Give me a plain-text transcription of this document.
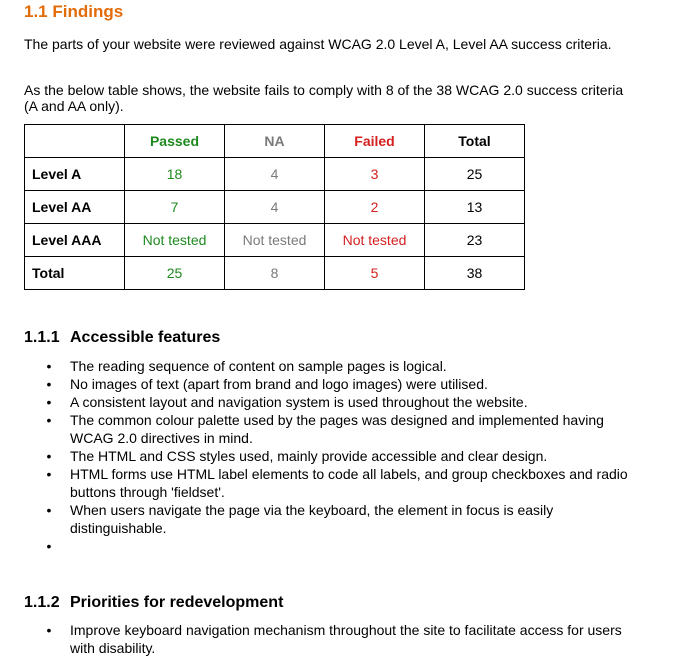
1.1 Findings

The parts of your website were reviewed against WCAG 2.0 Level A, Level AA success criteria.

As the below table shows, the website fails to comply with 8 of the 38 WCAG 2.0 success criteria (A and AA only).

	Passed	NA	Failed	Total
Level A	18	4	3	25
Level AA	7	4	2	13
Level AAA	Not tested	Not tested	Not tested	23
Total	25	8	5	38
1.1.1 Accessible features
• The reading sequence of content on sample pages is logical.
• No images of text (apart from brand and logo images) were utilised.
• A consistent layout and navigation system is used throughout the website.
• The common colour palette used by the pages was designed and implemented having WCAG 2.0 directives in mind.
• The HTML and CSS styles used, mainly provide accessible and clear design.
• HTML forms use HTML label elements to code all labels, and group checkboxes and radio buttons through 'fieldset'.
• When users navigate the page via the keyboard, the element in focus is easily distinguishable.
•

1.1.2 Priorities for redevelopment
• Improve keyboard navigation mechanism throughout the site to facilitate access for users with disability.
